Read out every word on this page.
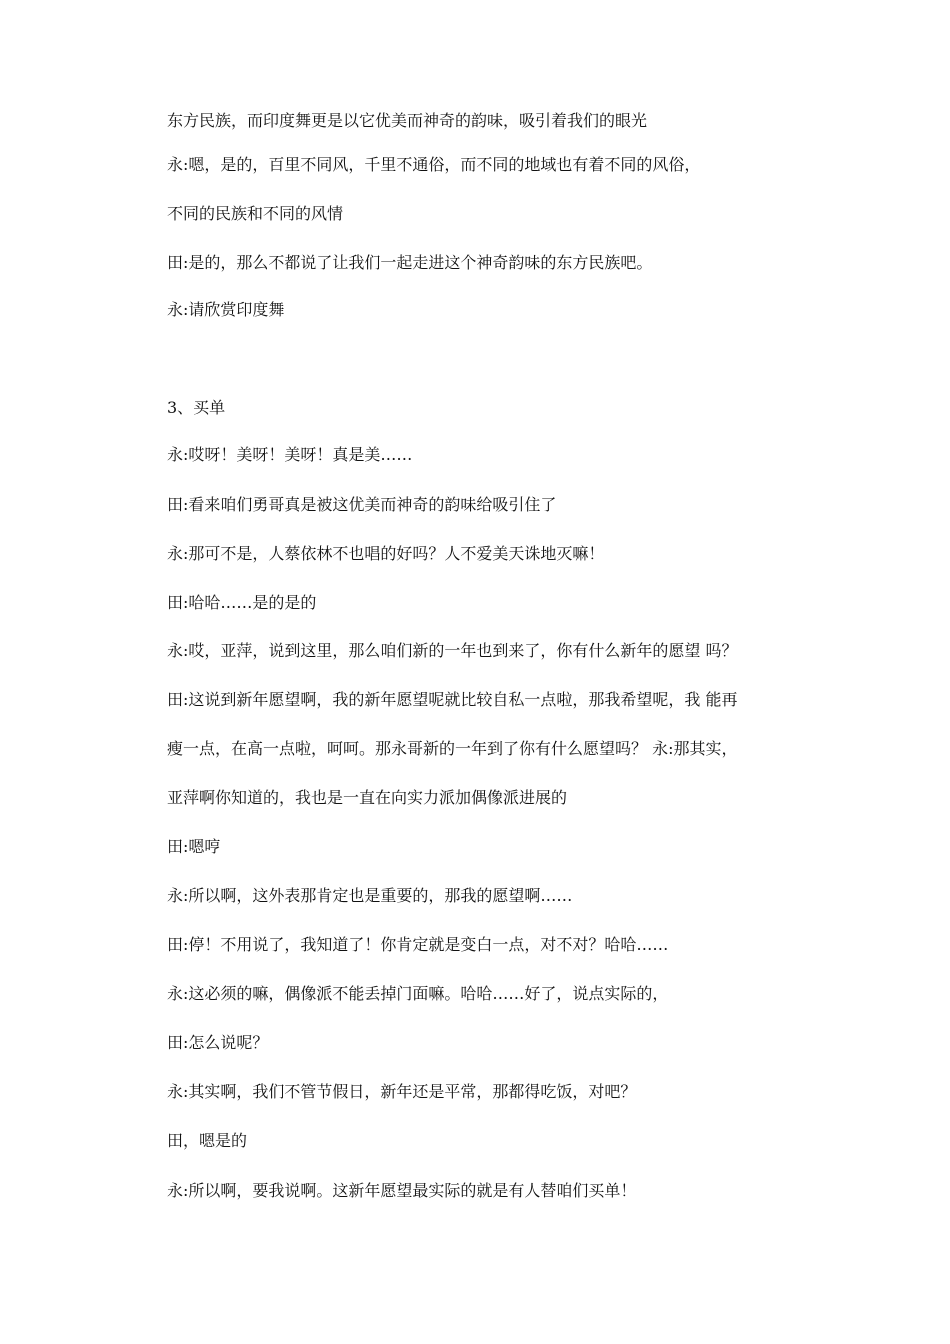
东方民族，而印度舞更是以它优美而神奇的韵味，吸引着我们的眼光
永:嗯，是的，百里不同风，千里不通俗，而不同的地域也有着不同的风俗，
不同的民族和不同的风情
田:是的，那么不都说了让我们一起走进这个神奇韵味的东方民族吧。
永:请欣赏印度舞
3、买单
永:哎呀！美呀！美呀！真是美……
田:看来咱们勇哥真是被这优美而神奇的韵味给吸引住了
永:那可不是，人蔡依林不也唱的好吗？人不爱美天诛地灭嘛！
田:哈哈……是的是的
永:哎，亚萍，说到这里，那么咱们新的一年也到来了，你有什么新年的愿望 吗？
田:这说到新年愿望啊，我的新年愿望呢就比较自私一点啦，那我希望呢，我 能再
瘦一点，在高一点啦，呵呵。那永哥新的一年到了你有什么愿望吗？ 永:那其实，
亚萍啊你知道的，我也是一直在向实力派加偶像派进展的
田:嗯哼
永:所以啊，这外表那肯定也是重要的，那我的愿望啊……
田:停！不用说了，我知道了！你肯定就是变白一点，对不对？哈哈……
永:这必须的嘛，偶像派不能丢掉门面嘛。哈哈……好了，说点实际的，
田:怎么说呢？
永:其实啊，我们不管节假日，新年还是平常，那都得吃饭，对吧？
田，嗯是的
永:所以啊，要我说啊。这新年愿望最实际的就是有人替咱们买单！
